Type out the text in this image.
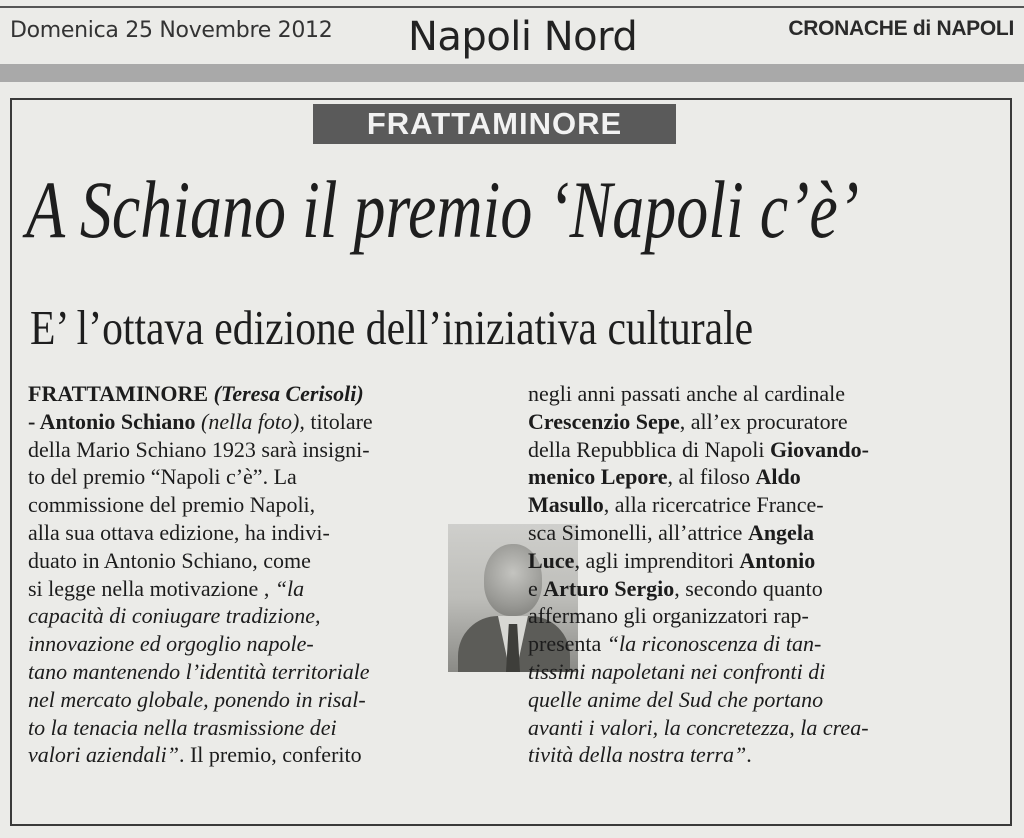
Domenica 25 Novembre 2012 Napoli Nord	CRONACHE di NAPOLI
FRATTAMINORE
A Schiano il premio ‘Napoli c’è’
E’ l’ottava edizione dell’iniziativa culturale
FRATTAMINORE (Teresa Cerisoli)
- Antonio Schiano (nella foto), titolare
della Mario Schiano 1923 sarà insigni-
to del premio “Napoli c’è”. La
commissione del premio Napoli,
alla sua ottava edizione, ha indivi-
duato in Antonio Schiano, come
si legge nella motivazione , “la
capacità di coniugare tradizione,
innovazione ed orgoglio napole-
tano mantenendo l’identità territoriale
nel mercato globale, ponendo in risal-
to la tenacia nella trasmissione dei
valori aziendali”. Il premio, conferito
negli anni passati anche al cardinale
Crescenzio Sepe, all’ex procuratore
della Repubblica di Napoli Giovando-
menico Lepore, al filoso Aldo
Masullo, alla ricercatrice France-
sca Simonelli, all’attrice Angela
Luce, agli imprenditori Antonio
e Arturo Sergio, secondo quanto
affermano gli organizzatori rap-
presenta “la riconoscenza di tan-
tissimi napoletani nei confronti di
quelle anime del Sud che portano
avanti i valori, la concretezza, la crea-
tività della nostra terra”.
